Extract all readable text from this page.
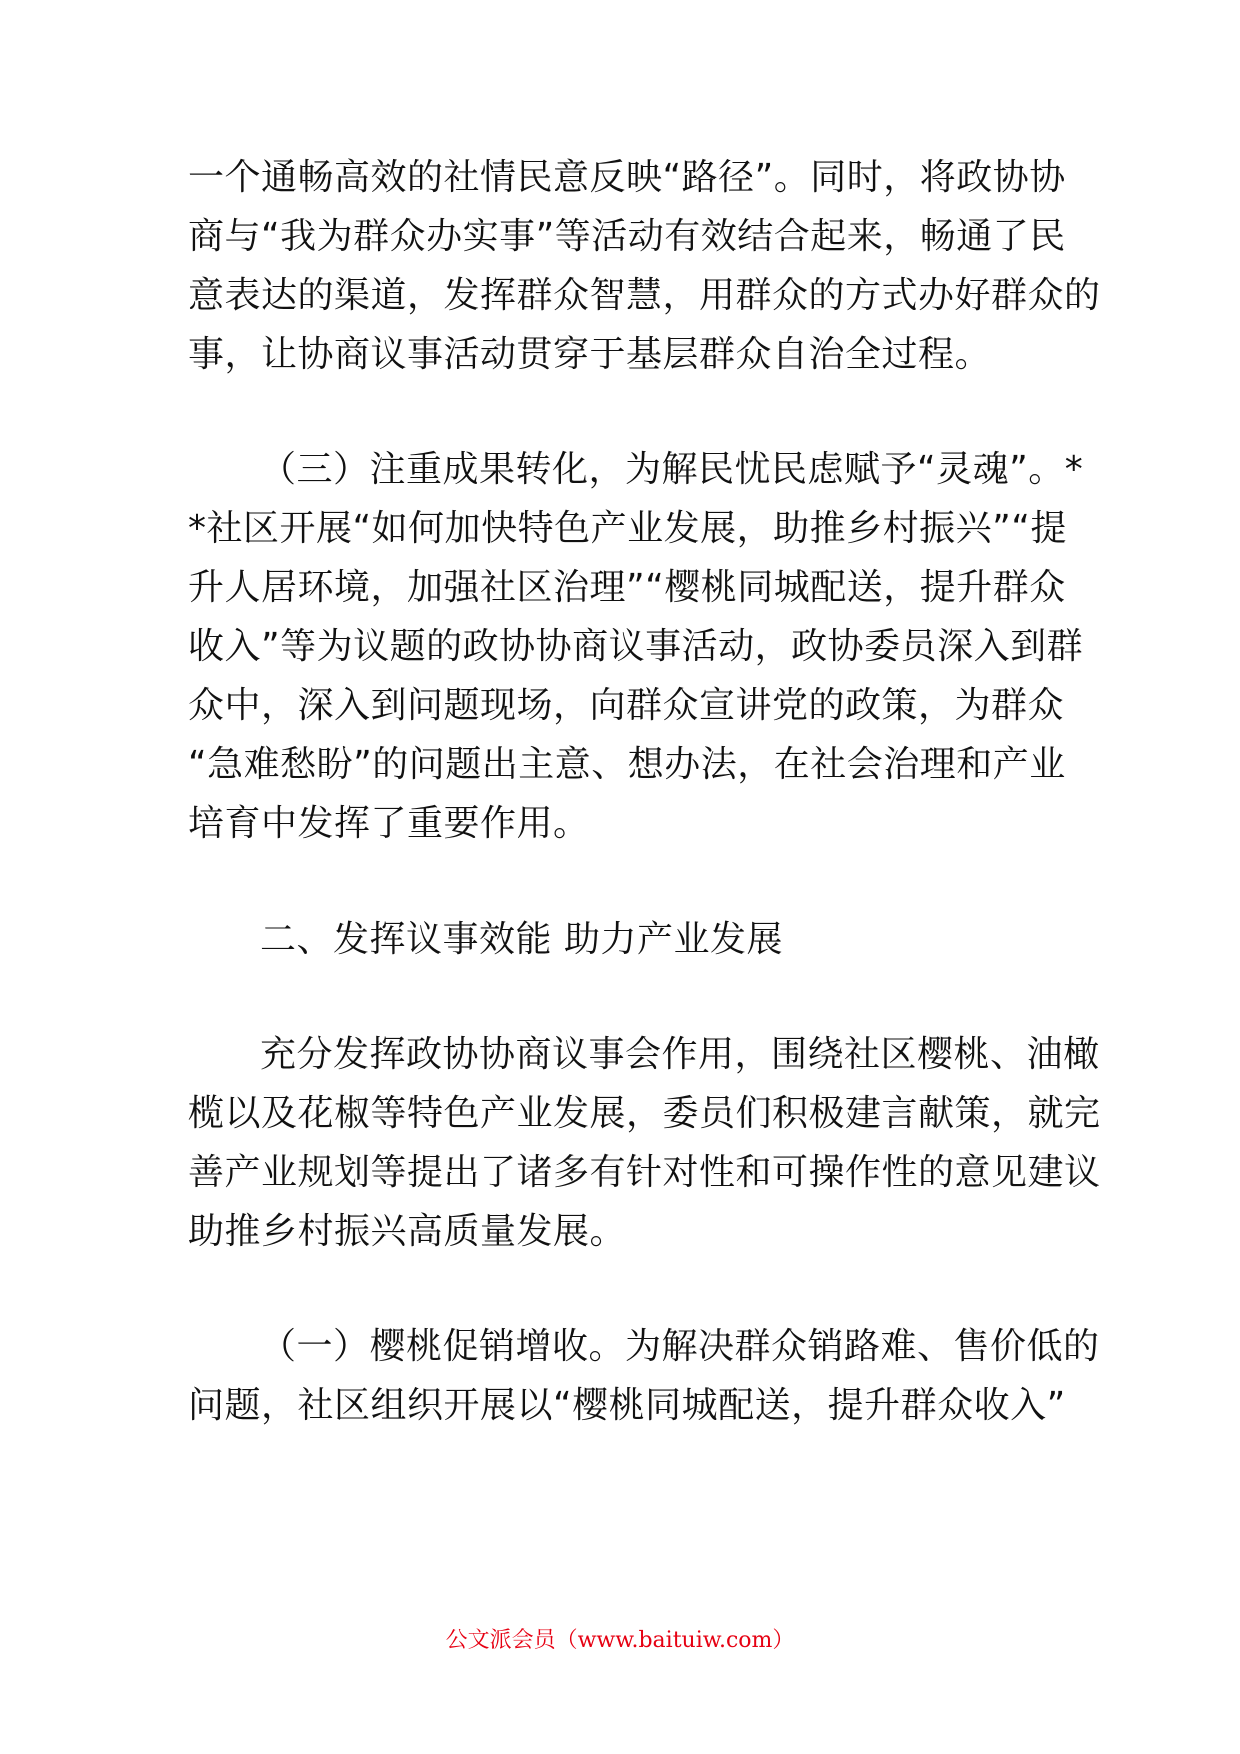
一个通畅高效的社情民意反映“路径”。同时，将政协协
商与“我为群众办实事”等活动有效结合起来，畅通了民
意表达的渠道，发挥群众智慧，用群众的方式办好群众的
事，让协商议事活动贯穿于基层群众自治全过程。
（三）注重成果转化，为解民忧民虑赋予“灵魂”。*
*社区开展“如何加快特色产业发展，助推乡村振兴”“提
升人居环境，加强社区治理”“樱桃同城配送，提升群众
收入”等为议题的政协协商议事活动，政协委员深入到群
众中，深入到问题现场，向群众宣讲党的政策，为群众
“急难愁盼”的问题出主意、想办法，在社会治理和产业
培育中发挥了重要作用。
二、发挥议事效能 助力产业发展
充分发挥政协协商议事会作用，围绕社区樱桃、油橄
榄以及花椒等特色产业发展，委员们积极建言献策，就完
善产业规划等提出了诸多有针对性和可操作性的意见建议
助推乡村振兴高质量发展。
（一）樱桃促销增收。为解决群众销路难、售价低的
问题，社区组织开展以“樱桃同城配送，提升群众收入”
公文派会员（www.baituiw.com）
